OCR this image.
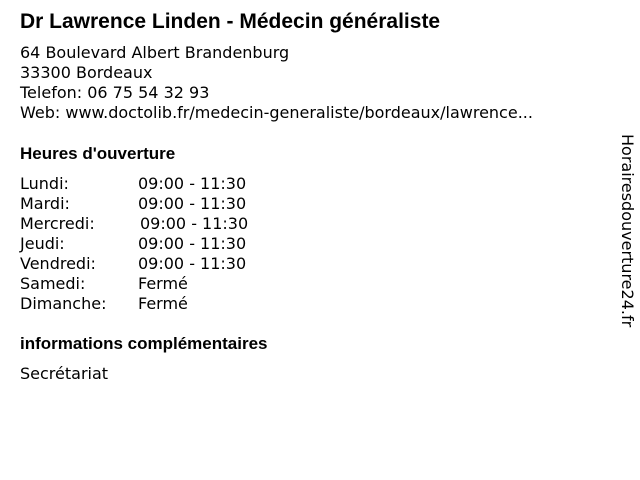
Dr Lawrence Linden - Médecin généraliste
64 Boulevard Albert Brandenburg
33300 Bordeaux
Telefon: 06 75 54 32 93
Web: www.doctolib.fr/medecin-generaliste/bordeaux/lawrence...
Heures d'ouverture
Lundi:	09:00 - 11:30
Mardi:	09:00 - 11:30
Mercredi:	09:00 - 11:30
Jeudi:	09:00 - 11:30
Vendredi:	09:00 - 11:30
Samedi:	Fermé
Dimanche: Fermé
informations complémentaires
Secrétariat
Horairesdouverture24.fr
